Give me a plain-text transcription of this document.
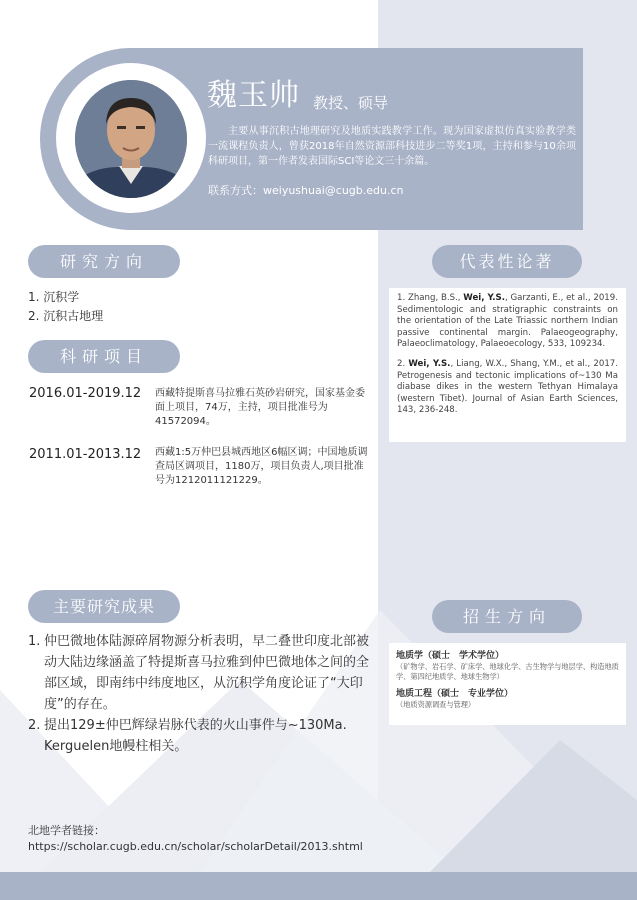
魏玉帅 教授、硕导
主要从事沉积古地理研究及地质实践教学工作。现为国家虚拟仿真实验教学类一流课程负责人，曾获2018年自然资源部科技进步二等奖1项，主持和参与10余项科研项目，第一作者发表国际SCI等论文三十余篇。
联系方式：weiyushuai@cugb.edu.cn
研究方向
1. 沉积学
2. 沉积古地理
科研项目
2016.01-2019.12 西藏特提斯喜马拉雅石英砂岩研究，国家基金委面上项目，74万，主持，项目批准号为41572094。
2011.01-2013.12 西藏1:5万仲巴县城西地区6幅区调；中国地质调查局区调项目，1180万，项目负责人,项目批准号为1212011121229。
主要研究成果
1. 仲巴微地体陆源碎屑物源分析表明，早二叠世印度北部被动大陆边缘涵盖了特提斯喜马拉雅到仲巴微地体之间的全部区域，即南纬中纬度地区，从沉积学角度论证了“大印度”的存在。
2. 提出129±仲巴辉绿岩脉代表的火山事件与~130Ma. Kerguelen地幔柱相关。
代表性论著
1. Zhang, B.S., Wei, Y.S., Garzanti, E., et al., 2019. Sedimentologic and stratigraphic constraints on the orientation of the Late Triassic northern Indian passive continental margin. Palaeogeography, Palaeoclimatology, Palaeoecology, 533, 109234.
2. Wei, Y.S., Liang, W.X., Shang, Y.M., et al., 2017. Petrogenesis and tectonic implications of~130 Ma diabase dikes in the western Tethyan Himalaya (western Tibet). Journal of Asian Earth Sciences, 143, 236-248.
招生方向
地质学（硕士　学术学位）
（矿物学、岩石学、矿床学、地球化学、古生物学与地层学、构造地质学、第四纪地质学、地球生物学）
地质工程（硕士　专业学位）
（地质资源调查与管理）
北地学者链接：
https://scholar.cugb.edu.cn/scholar/scholarDetail/2013.shtml
